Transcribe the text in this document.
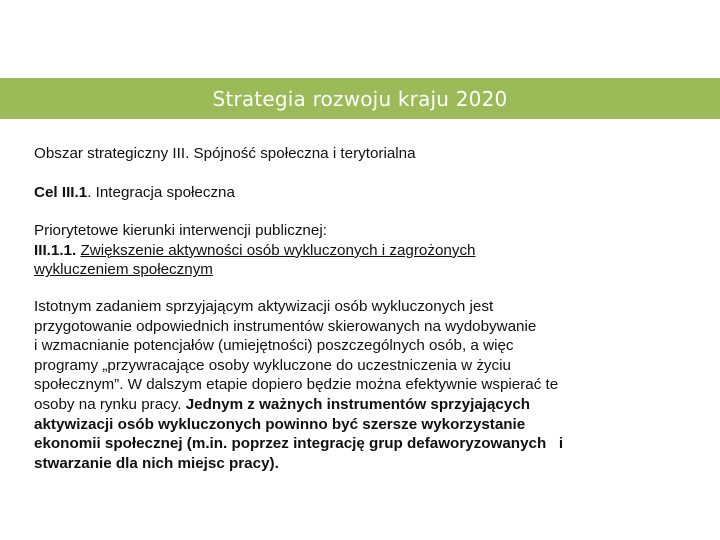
Strategia rozwoju kraju 2020

Obszar strategiczny III. Spójność społeczna i terytorialna

Cel III.1. Integracja społeczna

Priorytetowe kierunki interwencji publicznej:
III.1.1. Zwiększenie aktywności osób wykluczonych i zagrożonych
wykluczeniem społecznym
Istotnym zadaniem sprzyjającym aktywizacji osób wykluczonych jest
przygotowanie odpowiednich instrumentów skierowanych na wydobywanie
i wzmacnianie potencjałów (umiejętności) poszczególnych osób, a więc
programy „przywracające osoby wykluczone do uczestniczenia w życiu
społecznym”. W dalszym etapie dopiero będzie można efektywnie wspierać te
osoby na rynku pracy. Jednym z ważnych instrumentów sprzyjających
aktywizacji osób wykluczonych powinno być szersze wykorzystanie
ekonomii społecznej (m.in. poprzez integrację grup defaworyzowanych   i
stwarzanie dla nich miejsc pracy).
